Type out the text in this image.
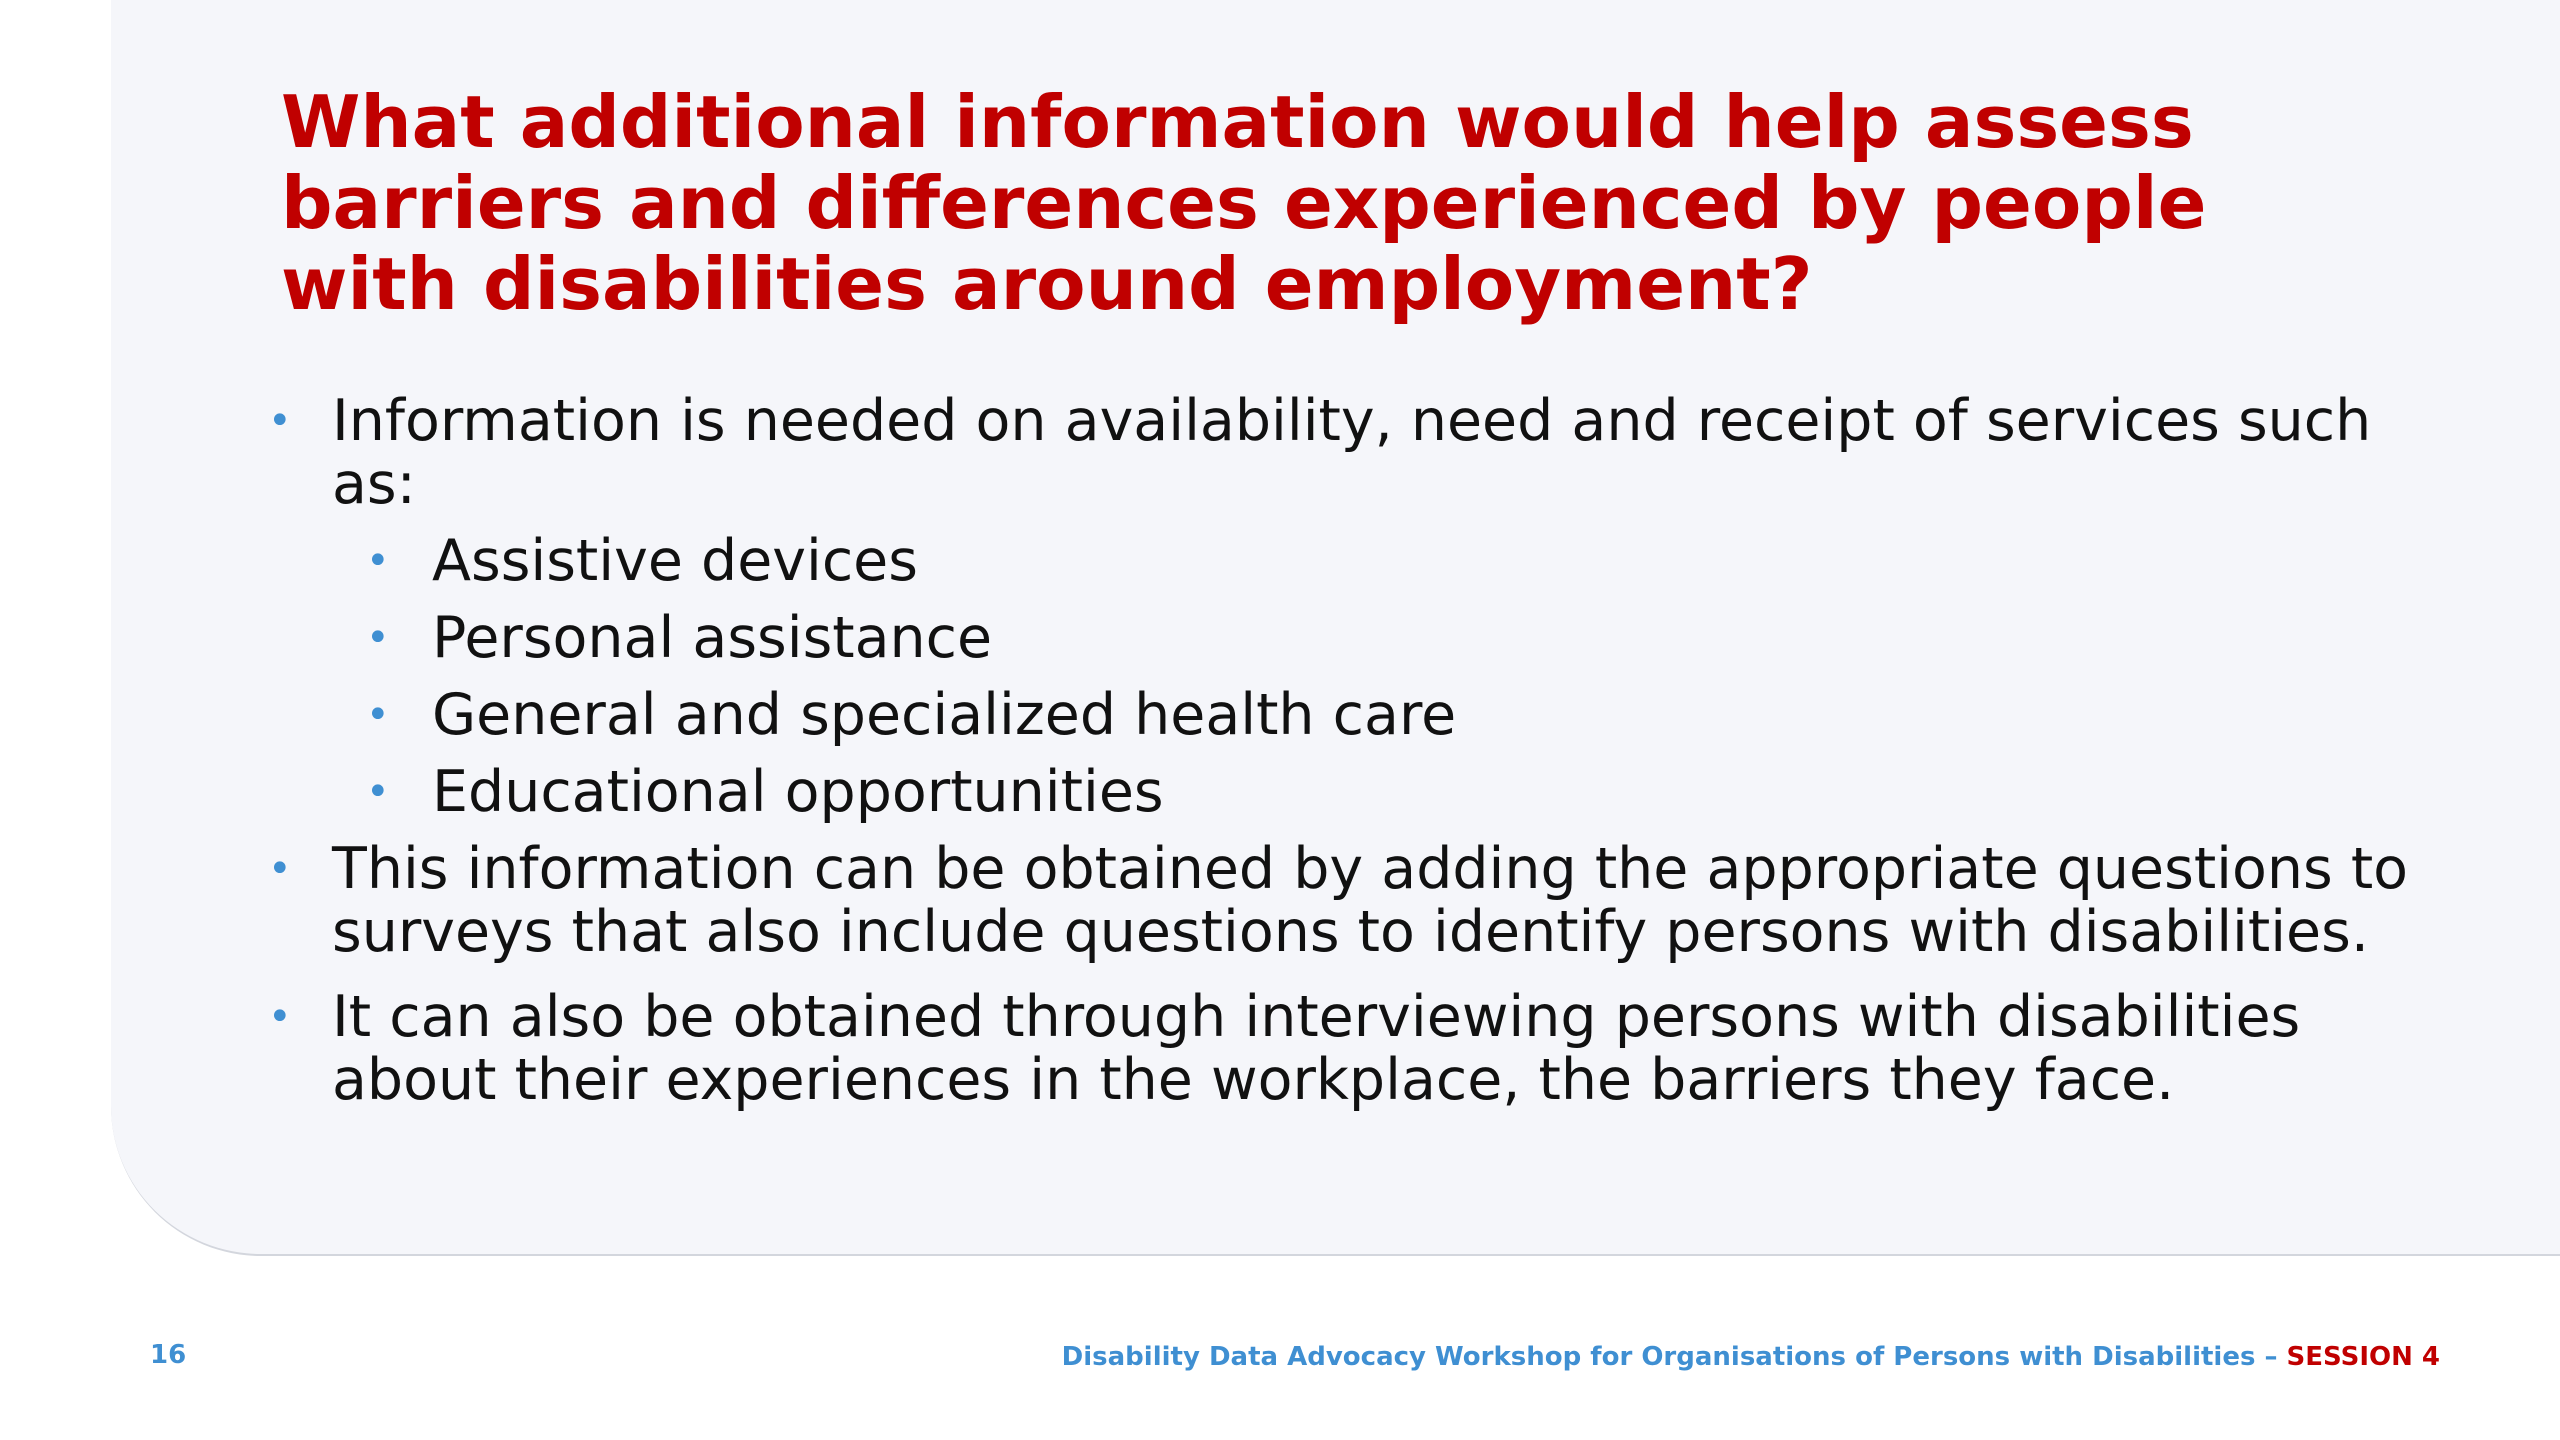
What additional information would help assess barriers and differences experienced by people with disabilities around employment?
• Information is needed on availability, need and receipt of services such as:
• Assistive devices
• Personal assistance
• General and specialized health care
• Educational opportunities
• This information can be obtained by adding the appropriate questions to surveys that also include questions to identify persons with disabilities.
• It can also be obtained through interviewing persons with disabilities about their experiences in the workplace, the barriers they face.
16	Disability Data Advocacy Workshop for Organisations of Persons with Disabilities – SESSION 4
